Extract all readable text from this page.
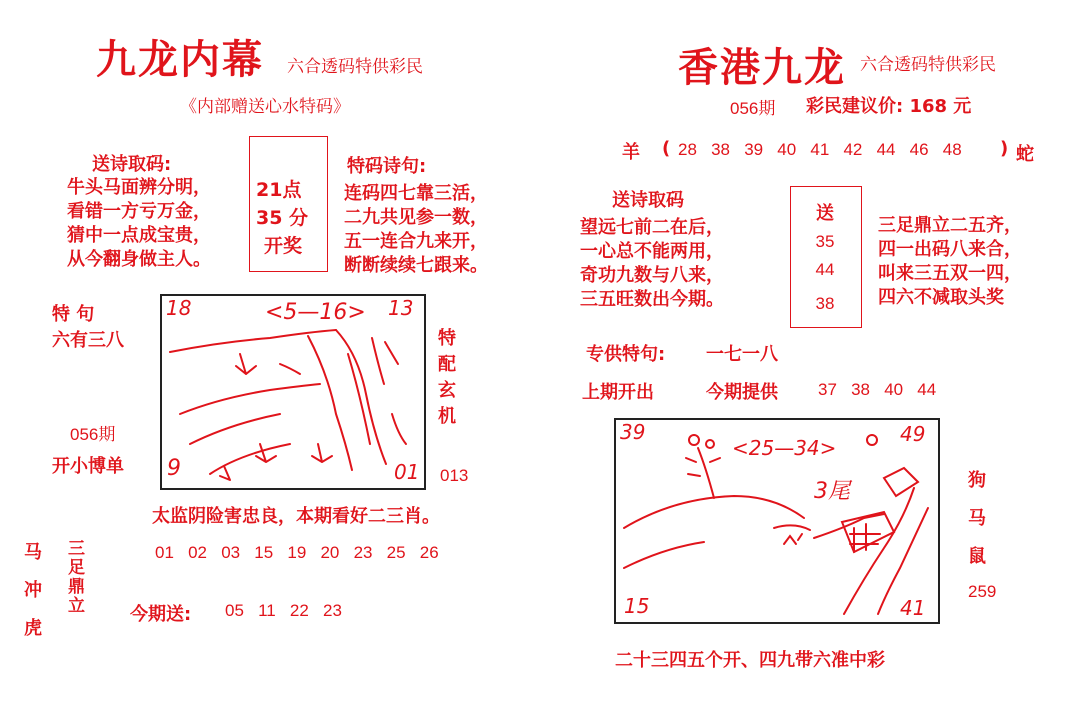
九龙内幕 六合透码特供彩民
《内部赠送心水特码》
送诗取码:
牛头马面辨分明，
看错一方亏万金，
猜中一点成宝贵，
从今翻身做主人。
21点
35 分
开奖
特码诗句:
连码四七靠三活，
二九共见参一数，
五一连合九来开，
断断续续七跟来。
特 句
六有三八
056期
开小博单
18	<5—16> 13
9	01
特
配
玄
机
013
太监阴险害忠良，本期看好二三肖。
马
冲
虎
三
足
鼎
立
01 02 03 15 19 20 23 25 26
今期送: 05 11 22 23
香港九龙 六合透码特供彩民
056期 彩民建议价: 168 元
羊 ( 28 38 39 40 41 42 44 46 48 ) 蛇
送诗取码
望远七前二在后，
一心总不能两用，
奇功九数与八来，
三五旺数出今期。
送
35
44
38
三足鼎立二五齐，
四一出码八来合，
叫来三五双一四，
四六不减取头奖
专供特句: 一七一八
上期开出	今期提供 37 38 40 44
39
<25—34>
49
3尾
15	41
狗
马
鼠
259
二十三四五个开、四九带六准中彩
